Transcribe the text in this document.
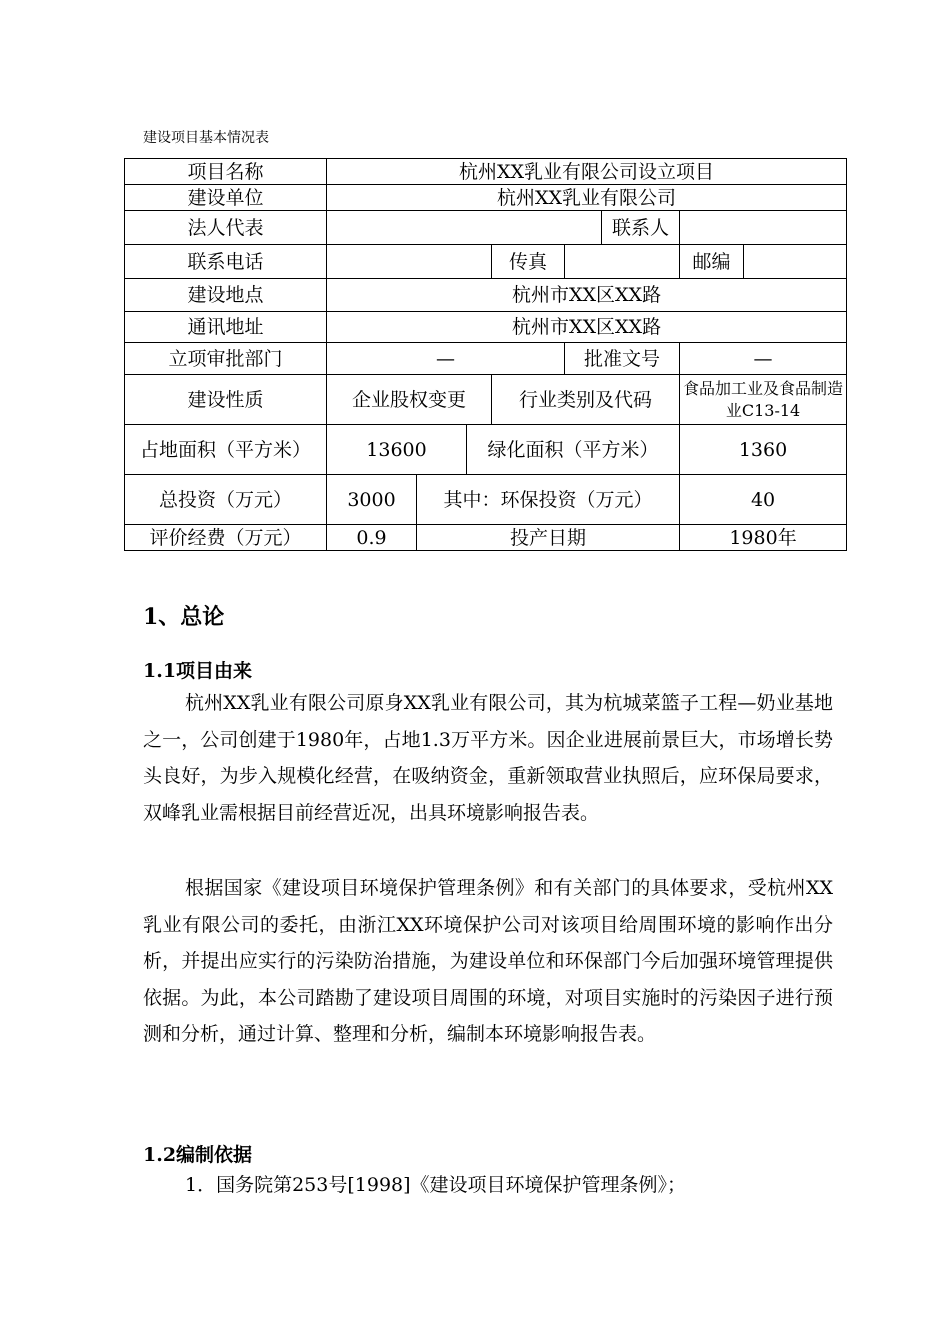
建设项目基本情况表
项目名称	杭州XX乳业有限公司设立项目							
建设单位	杭州XX乳业有限公司							
法人代表						联系人		
联系电话				传真			邮编	
建设地点	杭州市XX区XX路							
通讯地址	杭州市XX区XX路							
立项审批部门	—				批准文号		—	
建设性质	企业股权变更			行业类别及代码			食品加工业及食品制造业C13-14	
占地面积（平方米）	13600		绿化面积（平方米）				1360	
总投资（万元）	3000	其中：环保投资（万元）					40	
评价经费（万元）	0.9	投产日期					1980年	
1、总论
1.1项目由来

杭州XX乳业有限公司原身XX乳业有限公司，其为杭城菜篮子工程—奶业基地之一，公司创建于1980年，占地1.3万平方米。因企业进展前景巨大，市场增长势头良好，为步入规模化经营，在吸纳资金，重新领取营业执照后，应环保局要求，双峰乳业需根据目前经营近况，出具环境影响报告表。

根据国家《建设项目环境保护管理条例》和有关部门的具体要求，受杭州XX乳业有限公司的委托，由浙江XX环境保护公司对该项目给周围环境的影响作出分析，并提出应实行的污染防治措施，为建设单位和环保部门今后加强环境管理提供依据。为此，本公司踏勘了建设项目周围的环境，对项目实施时的污染因子进行预测和分析，通过计算、整理和分析，编制本环境影响报告表。

1.2编制依据

1．国务院第253号[1998]《建设项目环境保护管理条例》；
